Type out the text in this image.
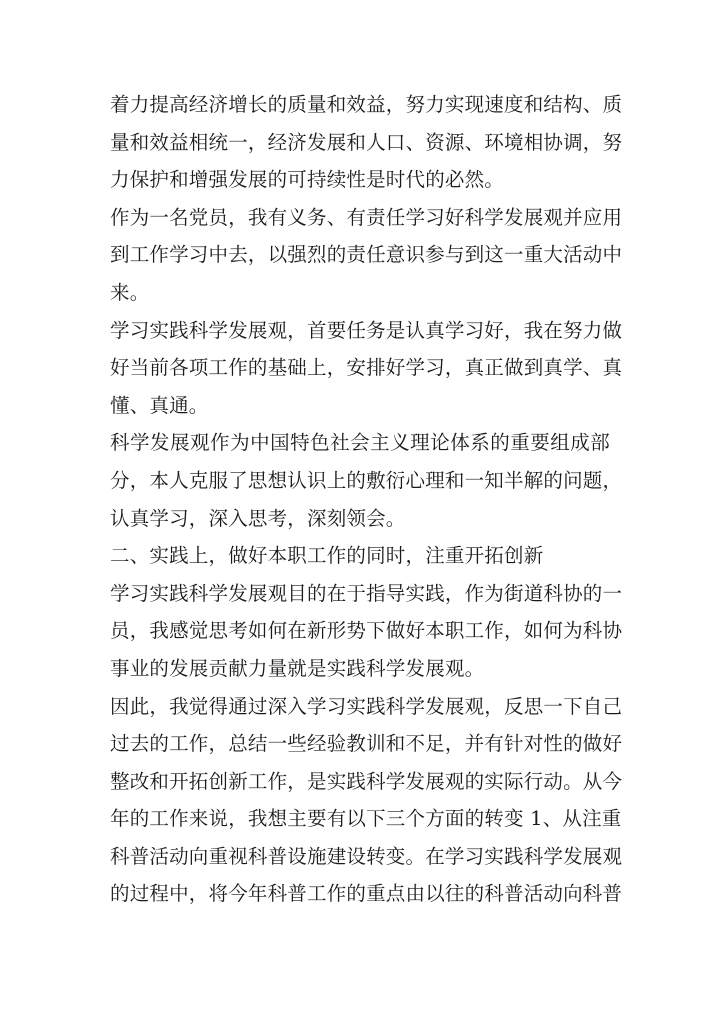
着力提高经济增长的质量和效益，努力实现速度和结构、质
量和效益相统一，经济发展和人口、资源、环境相协调，努
力保护和增强发展的可持续性是时代的必然。
作为一名党员，我有义务、有责任学习好科学发展观并应用
到工作学习中去，以强烈的责任意识参与到这一重大活动中
来。
学习实践科学发展观，首要任务是认真学习好，我在努力做
好当前各项工作的基础上，安排好学习，真正做到真学、真
懂、真通。
科学发展观作为中国特色社会主义理论体系的重要组成部
分，本人克服了思想认识上的敷衍心理和一知半解的问题，
认真学习，深入思考，深刻领会。
二、实践上，做好本职工作的同时，注重开拓创新
学习实践科学发展观目的在于指导实践，作为街道科协的一
员，我感觉思考如何在新形势下做好本职工作，如何为科协
事业的发展贡献力量就是实践科学发展观。
因此，我觉得通过深入学习实践科学发展观，反思一下自己
过去的工作，总结一些经验教训和不足，并有针对性的做好
整改和开拓创新工作，是实践科学发展观的实际行动。从今
年的工作来说，我想主要有以下三个方面的转变 1、从注重
科普活动向重视科普设施建设转变。在学习实践科学发展观
的过程中，将今年科普工作的重点由以往的科普活动向科普
